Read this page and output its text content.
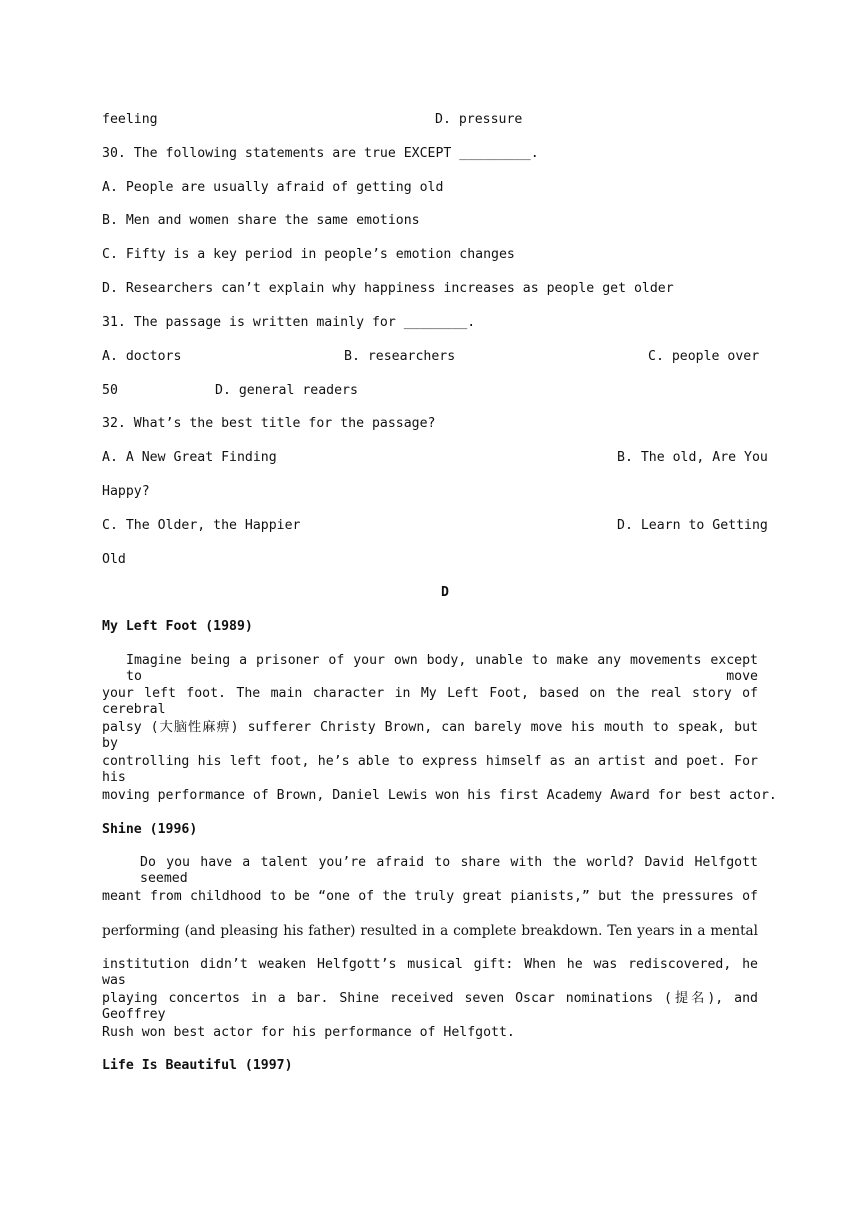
feeling	D. pressure
30. The following statements are true EXCEPT _________.
A. People are usually afraid of getting old
B. Men and women share the same emotions
C. Fifty is a key period in people’s emotion changes
D. Researchers can’t explain why happiness increases as people get older
31. The passage is written mainly for ________.
A. doctors	B. researchers	C. people over
50	D. general readers
32. What’s the best title for the passage?
A. A New Great Finding	B. The old, Are You
Happy?
C. The Older, the Happier	D. Learn to Getting
Old
D
My Left Foot (1989)
Imagine being a prisoner of your own body, unable to make any movements except to move
your left foot. The main character in My Left Foot, based on the real story of cerebral
palsy (大脑性麻痹) sufferer Christy Brown, can barely move his mouth to speak, but by
controlling his left foot, he’s able to express himself as an artist and poet. For his
moving performance of Brown, Daniel Lewis won his first Academy Award for best actor.
Shine (1996)
Do you have a talent you’re afraid to share with the world? David Helfgott seemed
meant from childhood to be “one of the truly great pianists,” but the pressures of
performing (and pleasing his father) resulted in a complete breakdown. Ten years in a mental
institution didn’t weaken Helfgott’s musical gift: When he was rediscovered, he was
playing concertos in a bar. Shine received seven Oscar nominations (提名), and Geoffrey
Rush won best actor for his performance of Helfgott.
Life Is Beautiful (1997)
